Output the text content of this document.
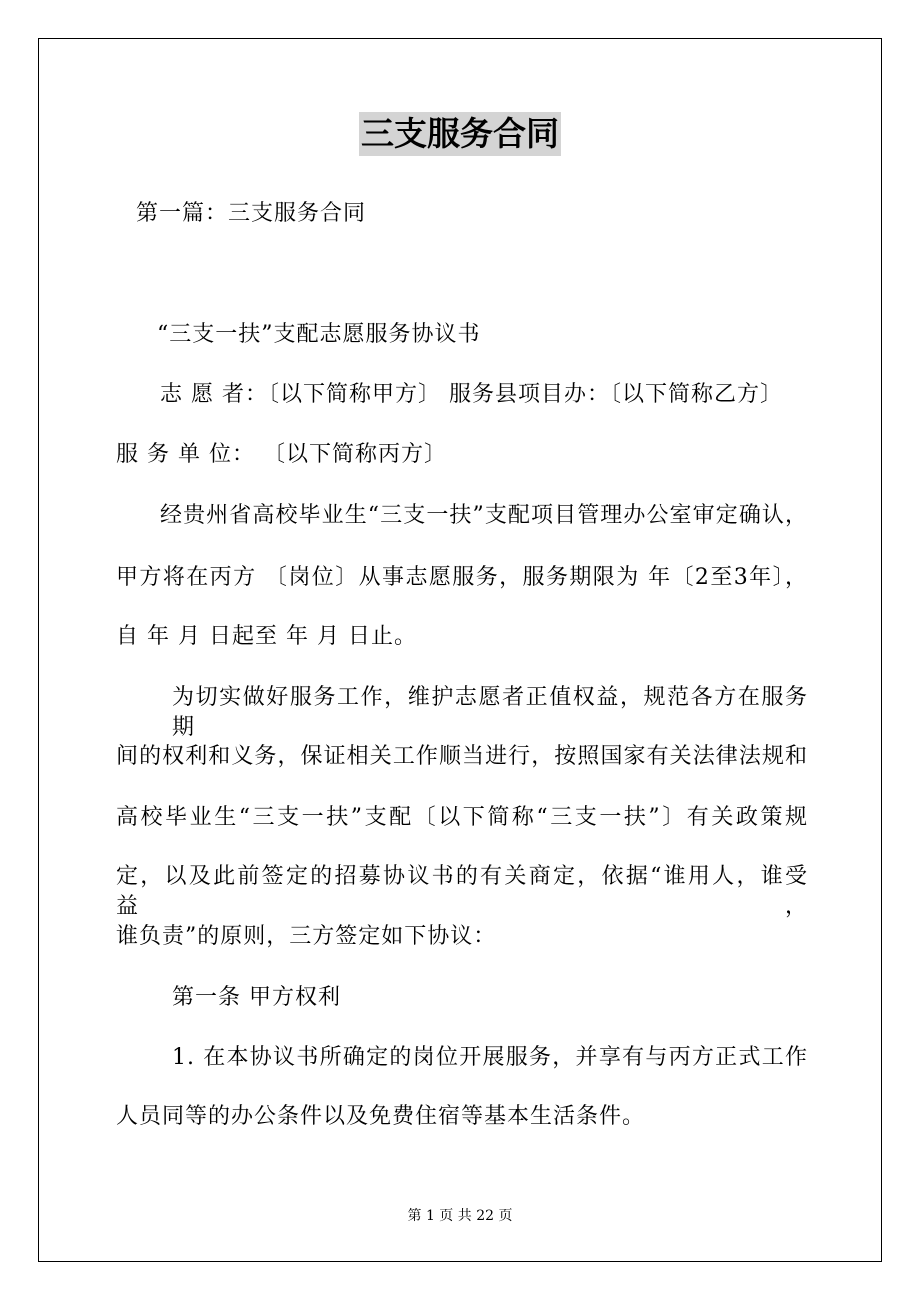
三支服务合同
第一篇：三支服务合同
“三支一扶”支配志愿服务协议书
志 愿 者：〔以下简称甲方〕 服务县项目办：〔以下简称乙方〕
服 务 单 位： 〔以下简称丙方〕
经贵州省高校毕业生“三支一扶”支配项目管理办公室审定确认，
甲方将在丙方 〔岗位〕从事志愿服务，服务期限为 年〔2至3年〕，
自 年 月 日起至 年 月 日止。
为切实做好服务工作，维护志愿者正值权益，规范各方在服务期
间的权利和义务，保证相关工作顺当进行，按照国家有关法律法规和
高校毕业生“三支一扶”支配〔以下简称“三支一扶”〕有关政策规
定，以及此前签定的招募协议书的有关商定，依据“谁用人，谁受益，
谁负责”的原则，三方签定如下协议：
第一条 甲方权利
1. 在本协议书所确定的岗位开展服务，并享有与丙方正式工作
人员同等的办公条件以及免费住宿等基本生活条件。
第 1 页 共 22 页
